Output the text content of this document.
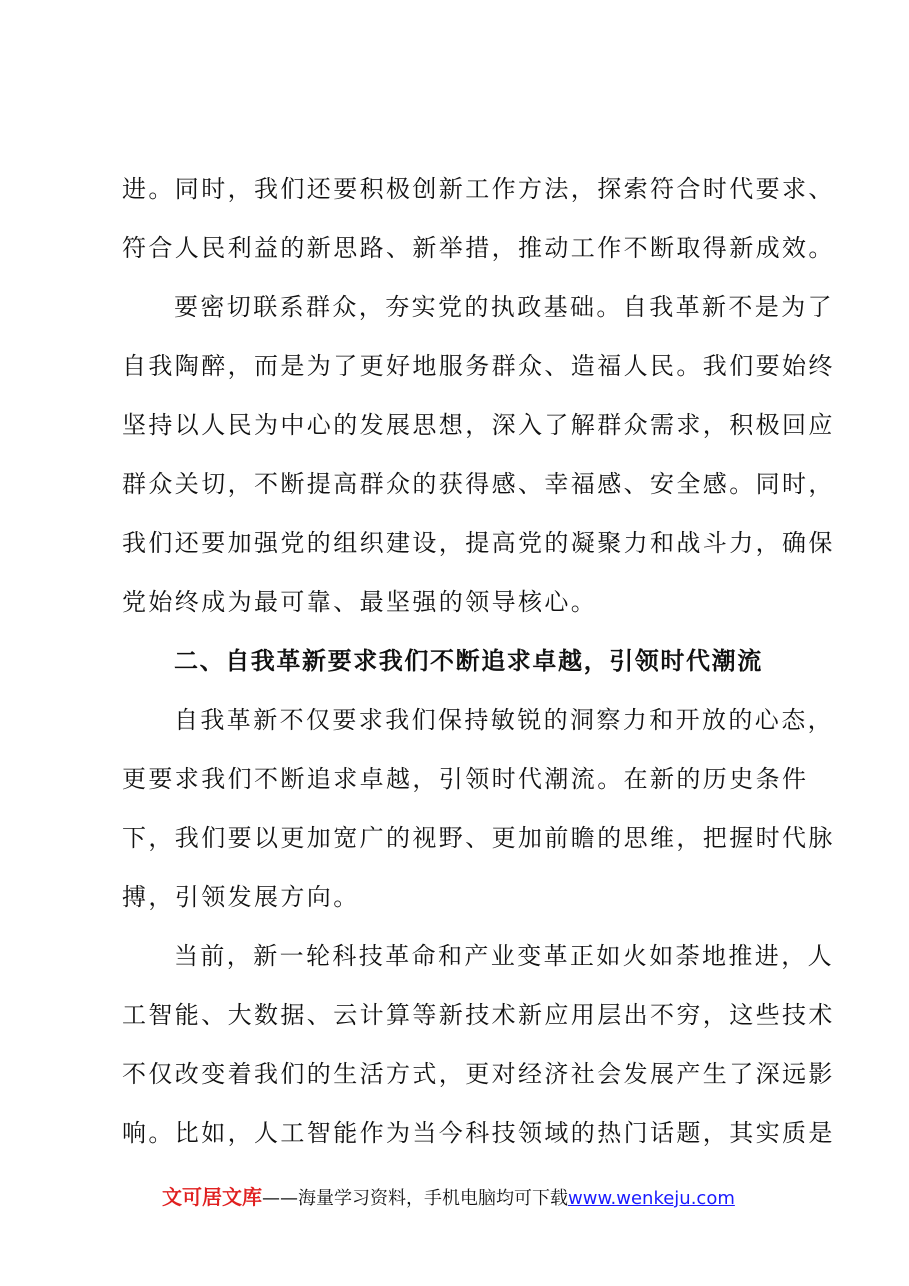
进。同时，我们还要积极创新工作方法，探索符合时代要求、
符合人民利益的新思路、新举措，推动工作不断取得新成效。
要密切联系群众，夯实党的执政基础。自我革新不是为了
自我陶醉，而是为了更好地服务群众、造福人民。我们要始终
坚持以人民为中心的发展思想，深入了解群众需求，积极回应
群众关切，不断提高群众的获得感、幸福感、安全感。同时，
我们还要加强党的组织建设，提高党的凝聚力和战斗力，确保
党始终成为最可靠、最坚强的领导核心。
二、自我革新要求我们不断追求卓越，引领时代潮流
自我革新不仅要求我们保持敏锐的洞察力和开放的心态，
更要求我们不断追求卓越，引领时代潮流。在新的历史条件
下，我们要以更加宽广的视野、更加前瞻的思维，把握时代脉
搏，引领发展方向。
当前，新一轮科技革命和产业变革正如火如荼地推进，人
工智能、大数据、云计算等新技术新应用层出不穷，这些技术
不仅改变着我们的生活方式，更对经济社会发展产生了深远影
响。比如，人工智能作为当今科技领域的热门话题，其实质是
文可居文库——海量学习资料，手机电脑均可下载www.wenkeju.com
